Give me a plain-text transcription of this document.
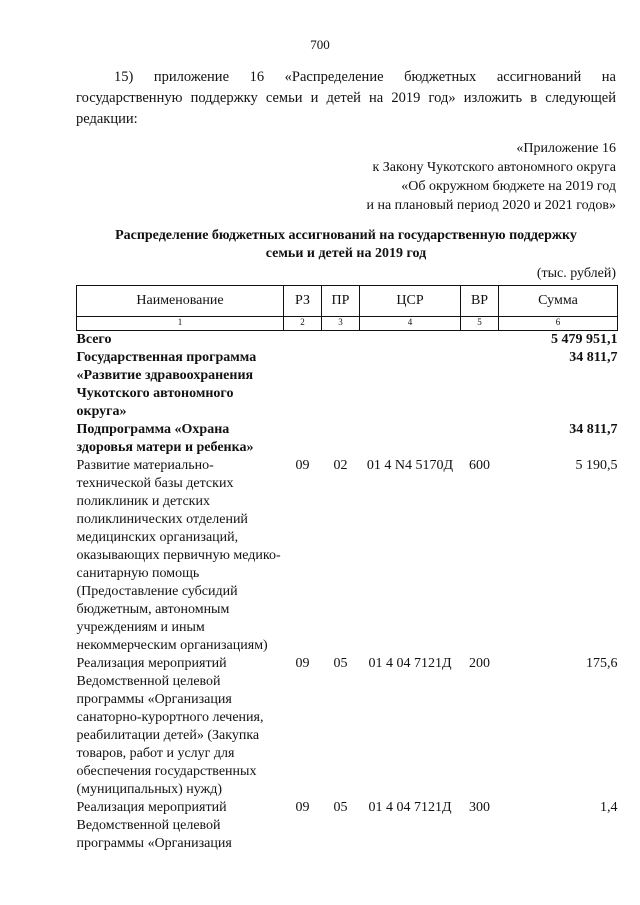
700

15) приложение 16 «Распределение бюджетных ассигнований на государственную поддержку семьи и детей на 2019 год» изложить в следующей редакции:

«Приложение 16
к Закону Чукотского автономного округа
«Об окружном бюджете на 2019 год
и на плановый период 2020 и 2021 годов»
Распределение бюджетных ассигнований на государственную поддержку
семьи и детей на 2019 год
(тыс. рублей)
Наименование	РЗ	ПР	ЦСР	ВР	Сумма
1	2	3	4	5	6
Всего					5 479 951,1
Государственная программа «Развитие здравоохранения Чукотского автономного округа»					34 811,7
Подпрограмма «Охрана здоровья матери и ребенка»					34 811,7
Развитие материально-технической базы детских поликлиник и детских поликлинических отделений медицинских организаций, оказывающих первичную медико-санитарную помощь (Предоставление субсидий бюджетным, автономным учреждениям и иным некоммерческим организациям)	09	02	01 4 N4 5170Д	600	5 190,5
Реализация мероприятий Ведомственной целевой программы «Организация санаторно-курортного лечения, реабилитации детей» (Закупка товаров, работ и услуг для обеспечения государственных (муниципальных) нужд)	09	05	01 4 04 7121Д	200	175,6
Реализация мероприятий Ведомственной целевой программы «Организация	09	05	01 4 04 7121Д	300	1,4
